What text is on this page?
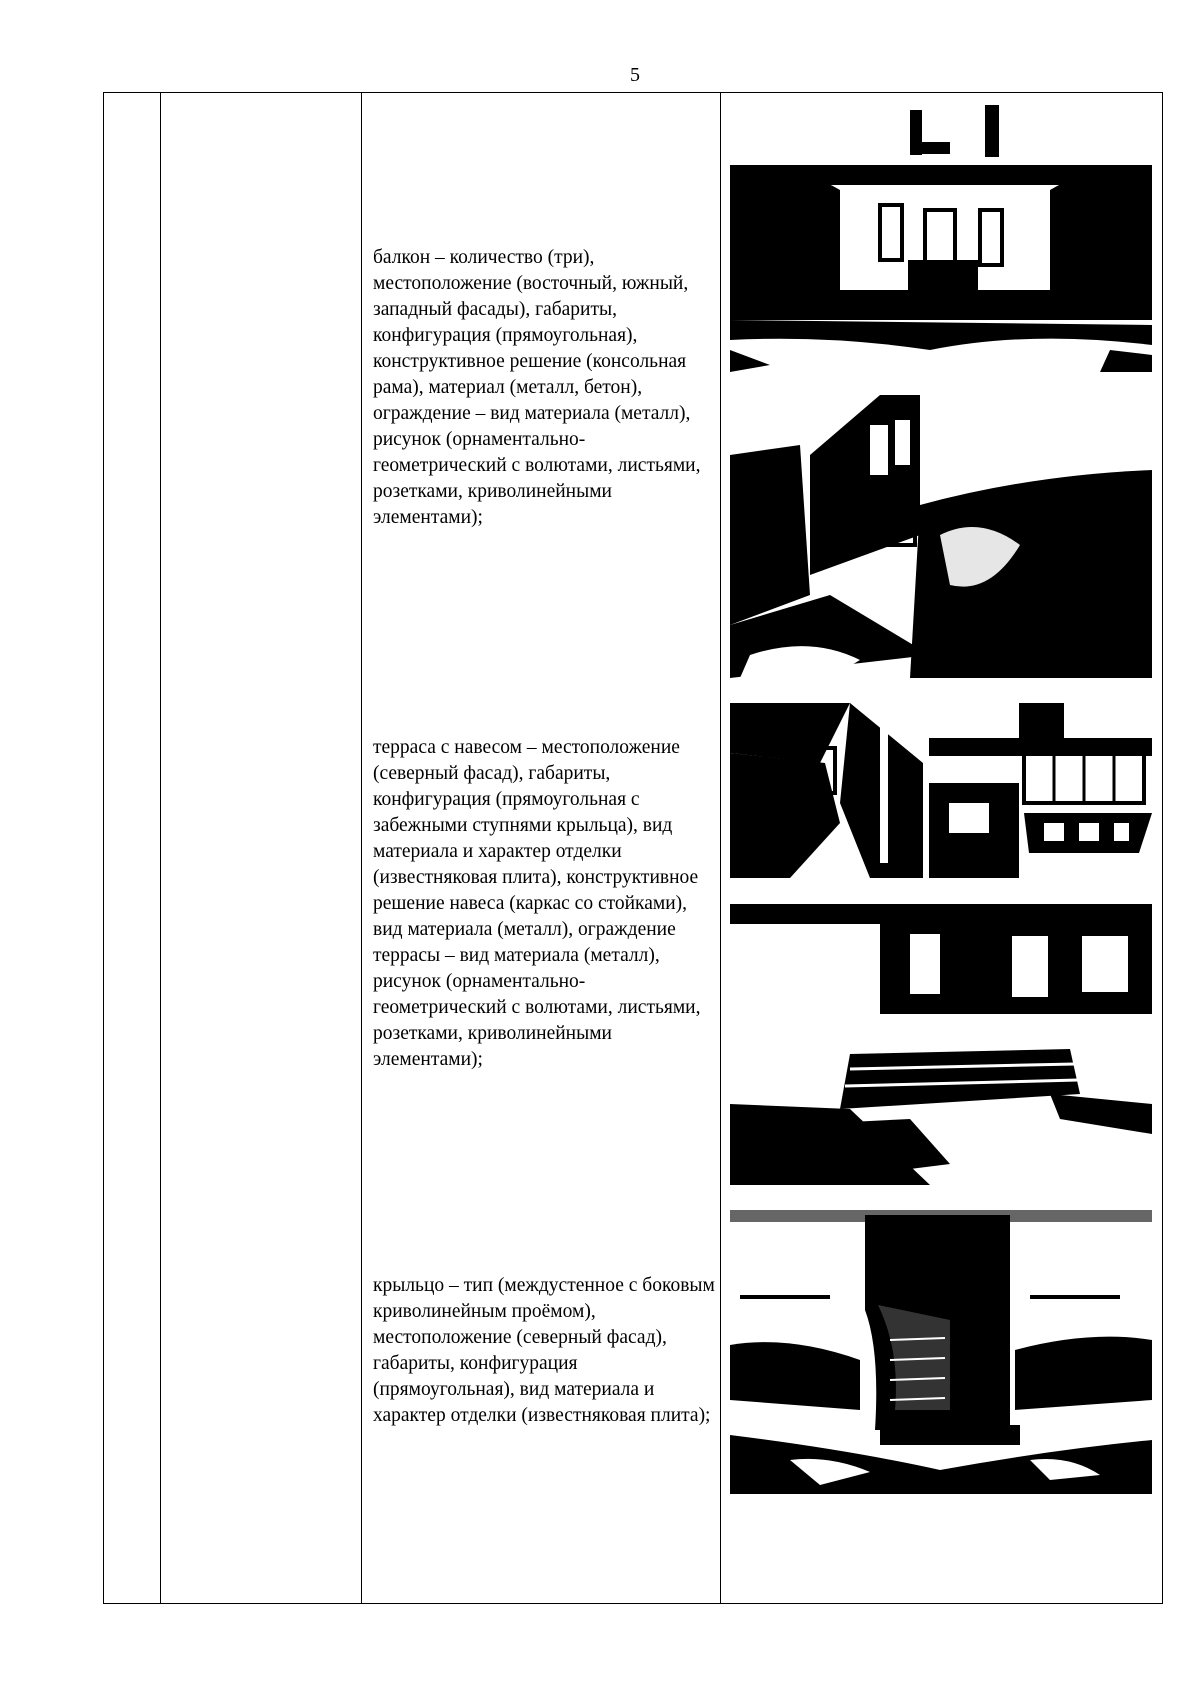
5
балкон – количество (три), местоположение (восточный, южный, западный фасады), габариты, конфигурация (прямоугольная), конструктивное решение (консольная рама), материал (металл, бетон), ограждение – вид материала (металл), рисунок (орнаментально-геометрический с волютами, листьями, розетками, криволинейными элементами);
терраса с навесом – местоположение (северный фасад), габариты, конфигурация (прямоугольная с забежными ступнями крыльца), вид материала и характер отделки (известняковая плита), конструктивное решение навеса (каркас со стойками), вид материала (металл), ограждение террасы – вид материала (металл), рисунок (орнаментально-геометрический с волютами, листьями, розетками, криволинейными элементами);
крыльцо – тип (междустенное с боковым криволинейным проёмом), местоположение (северный фасад), габариты, конфигурация (прямоугольная), вид материала и характер отделки (известняковая плита);
